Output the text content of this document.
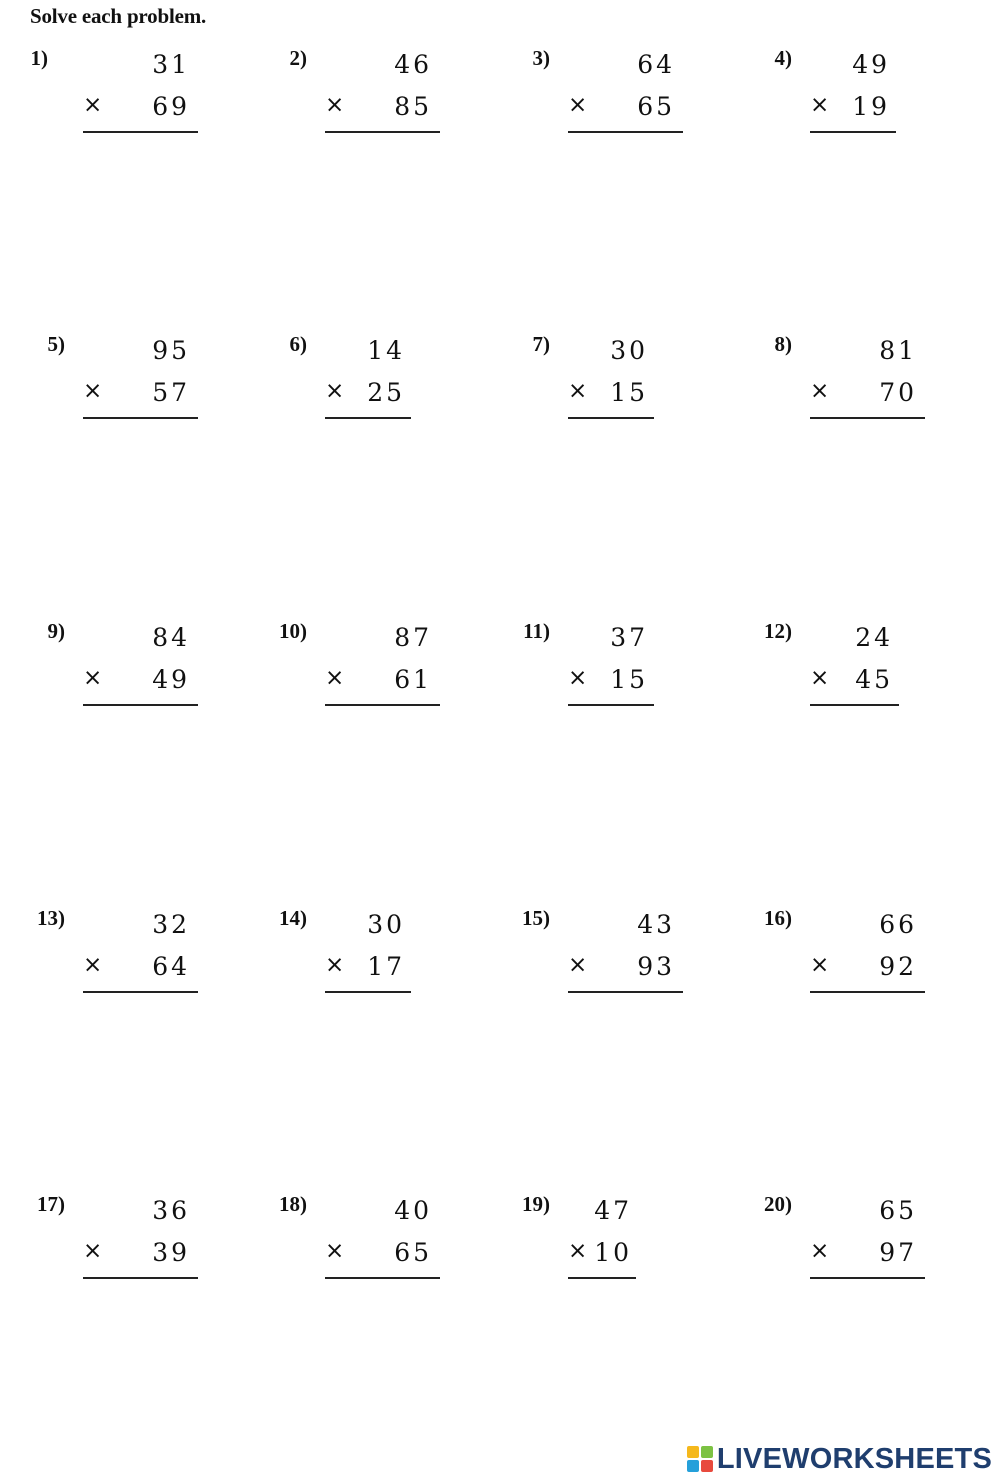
Solve each problem.
1)	31
× 69
2)	46
× 85
3)	64
× 65
4) 49
× 19
5)	95
× 57
6) 14
× 25
7) 30
× 15
8)	81
× 70
9)	84
× 49
10)	87
× 61
11) 37
× 15
12)	24
× 45
13)	32
× 64
14) 30
× 17
15)	43
× 93
16)	66
× 92
17)	36
× 39
18)	40
× 65
19) 47
× 10
20)	65
× 97
LIVEWORKSHEETS
